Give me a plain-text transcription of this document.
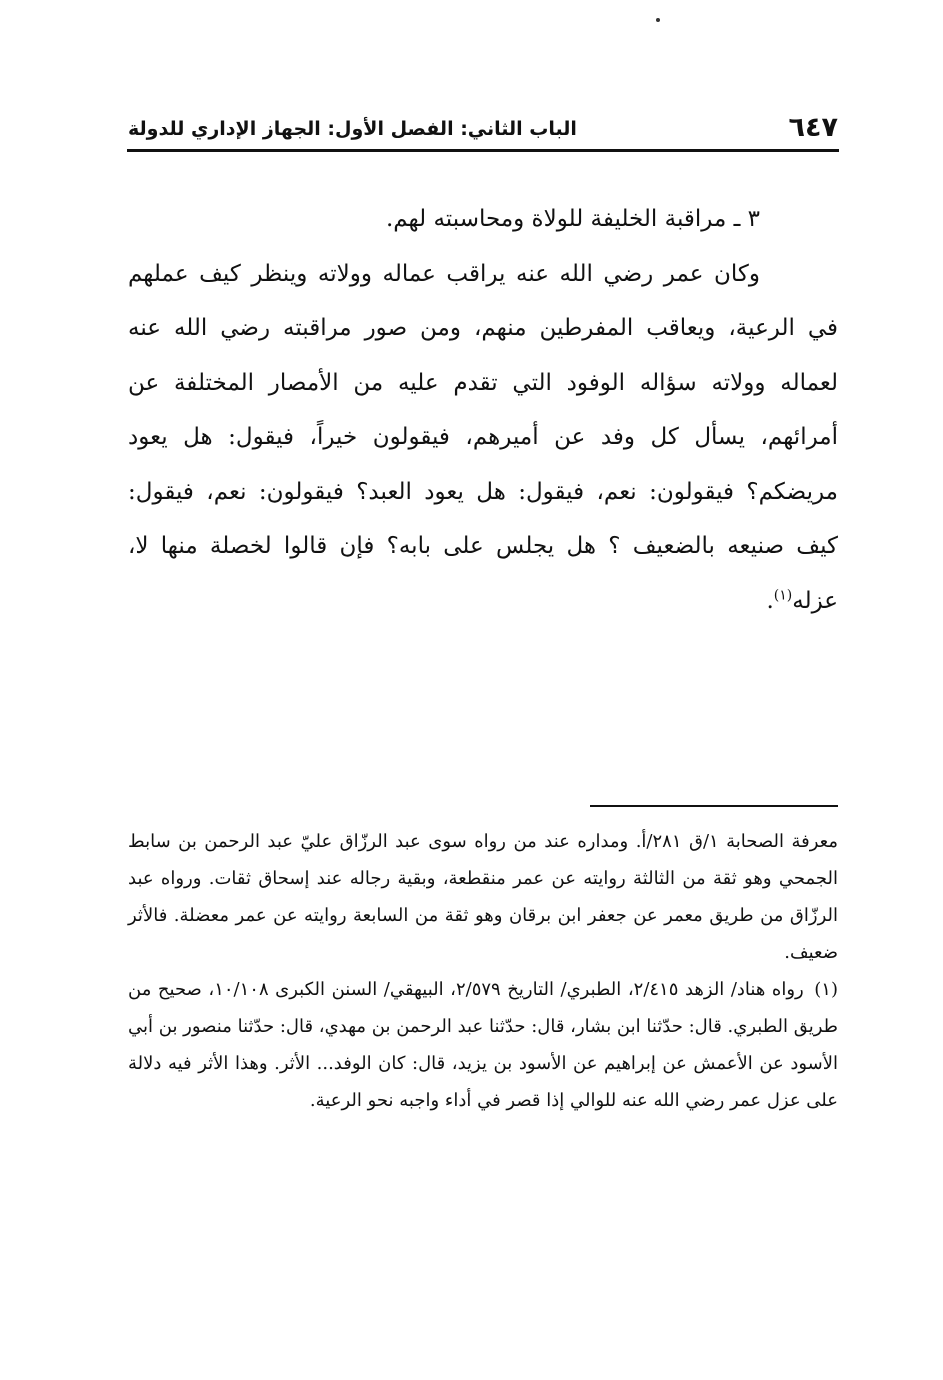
٦٤٧
الباب الثاني: الفصل الأول: الجهاز الإداري للدولة

٣ ـ مراقبة الخليفة للولاة ومحاسبته لهم.

وكان عمر رضي الله عنه يراقب عماله وولاته وينظر كيف عملهم في الرعية، ويعاقب المفرطين منهم، ومن صور مراقبته رضي الله عنه لعماله وولاته سؤاله الوفود التي تقدم عليه من الأمصار المختلفة عن أمرائهم، يسأل كل وفد عن أميرهم، فيقولون خيراً، فيقول: هل يعود مريضكم؟ فيقولون: نعم، فيقول: هل يعود العبد؟ فيقولون: نعم، فيقول: كيف صنيعه بالضعيف ؟ هل يجلس على بابه؟ فإن قالوا لخصلة منها لا، عزله$^{(١)}$.

معرفة الصحابة ١/ق ٢٨١/أ. ومداره عند من رواه سوى عبد الرزّاق عليّ عبد الرحمن بن سابط الجمحي وهو ثقة من الثالثة روايته عن عمر منقطعة، وبقية رجاله عند إسحاق ثقات. ورواه عبد الرزّاق من طريق معمر عن جعفر ابن برقان وهو ثقة من السابعة روايته عن عمر معضلة. فالأثر ضعيف.

(١) رواه هناد/ الزهد ٢/٤١٥، الطبري/ التاريخ ٢/٥٧٩، البيهقي/ السنن الكبرى ١٠/١٠٨، صحيح من طريق الطبري. قال: حدّثنا ابن بشار، قال: حدّثنا عبد الرحمن بن مهدي، قال: حدّثنا منصور بن أبي الأسود عن الأعمش عن إبراهيم عن الأسود بن يزيد، قال: كان الوفد... الأثر. وهذا الأثر فيه دلالة على عزل عمر رضي الله عنه للوالي إذا قصر في أداء واجبه نحو الرعية.
